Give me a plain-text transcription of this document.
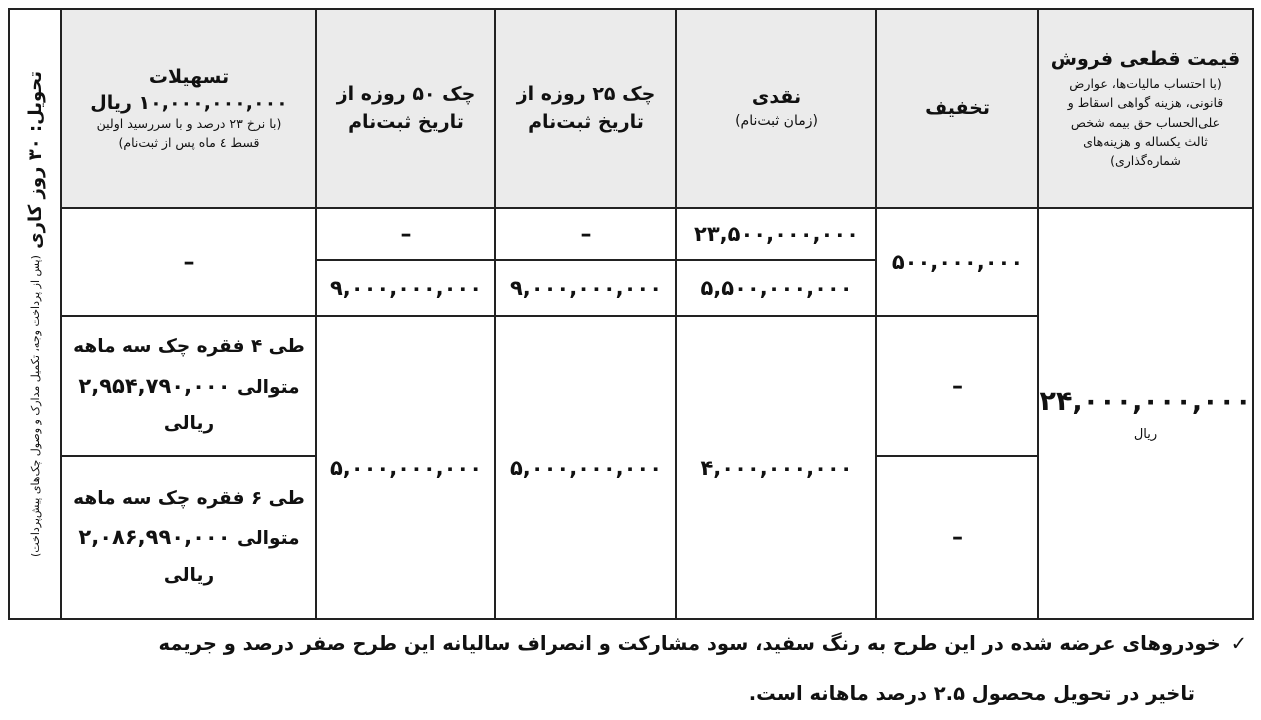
قیمت قطعی فروش
(با احتساب مالیات‌ها، عوارض
قانونی، هزینه گواهی اسقاط و
علی‌الحساب حق بیمه شخص
ثالث یکساله و هزینه‌های
شماره‌گذاری)
تخفیف
نقدی
(زمان ثبت‌نام)
چک ۲۵ روزه از
تاریخ ثبت‌نام
چک ۵۰ روزه از
تاریخ ثبت‌نام
تسهیلات
۱۰,۰۰۰,۰۰۰,۰۰۰ ریال
(با نرخ ۲۳ درصد و با سررسید اولین
قسط ٤ ماه پس از ثبت‌نام)
تحویل: ۳۰ روز کاری (پس از پرداخت وجه، تکمیل مدارک و وصول چک‌های پیش‌پرداخت)	۲۴,۰۰۰,۰۰۰,۰۰۰
ریال
۵۰۰,۰۰۰,۰۰۰
–
–
۲۳,۵۰۰,۰۰۰,۰۰۰
۵,۵۰۰,۰۰۰,۰۰۰
۴,۰۰۰,۰۰۰,۰۰۰
–
۹,۰۰۰,۰۰۰,۰۰۰
۵,۰۰۰,۰۰۰,۰۰۰
–
۹,۰۰۰,۰۰۰,۰۰۰
۵,۰۰۰,۰۰۰,۰۰۰
–
طی ۴ فقره چک سه ماهه
متوالی ۲,۹۵۴,۷۹۰,۰۰۰
ریالی
طی ۶ فقره چک سه ماهه
متوالی ۲,۰۸۶,۹۹۰,۰۰۰
ریالی
✓خودروهای عرضه شده در این طرح به رنگ سفید، سود مشارکت و انصراف سالیانه این طرح صفر درصد و جریمه
تاخیر در تحویل محصول ۲.۵ درصد ماهانه است.
